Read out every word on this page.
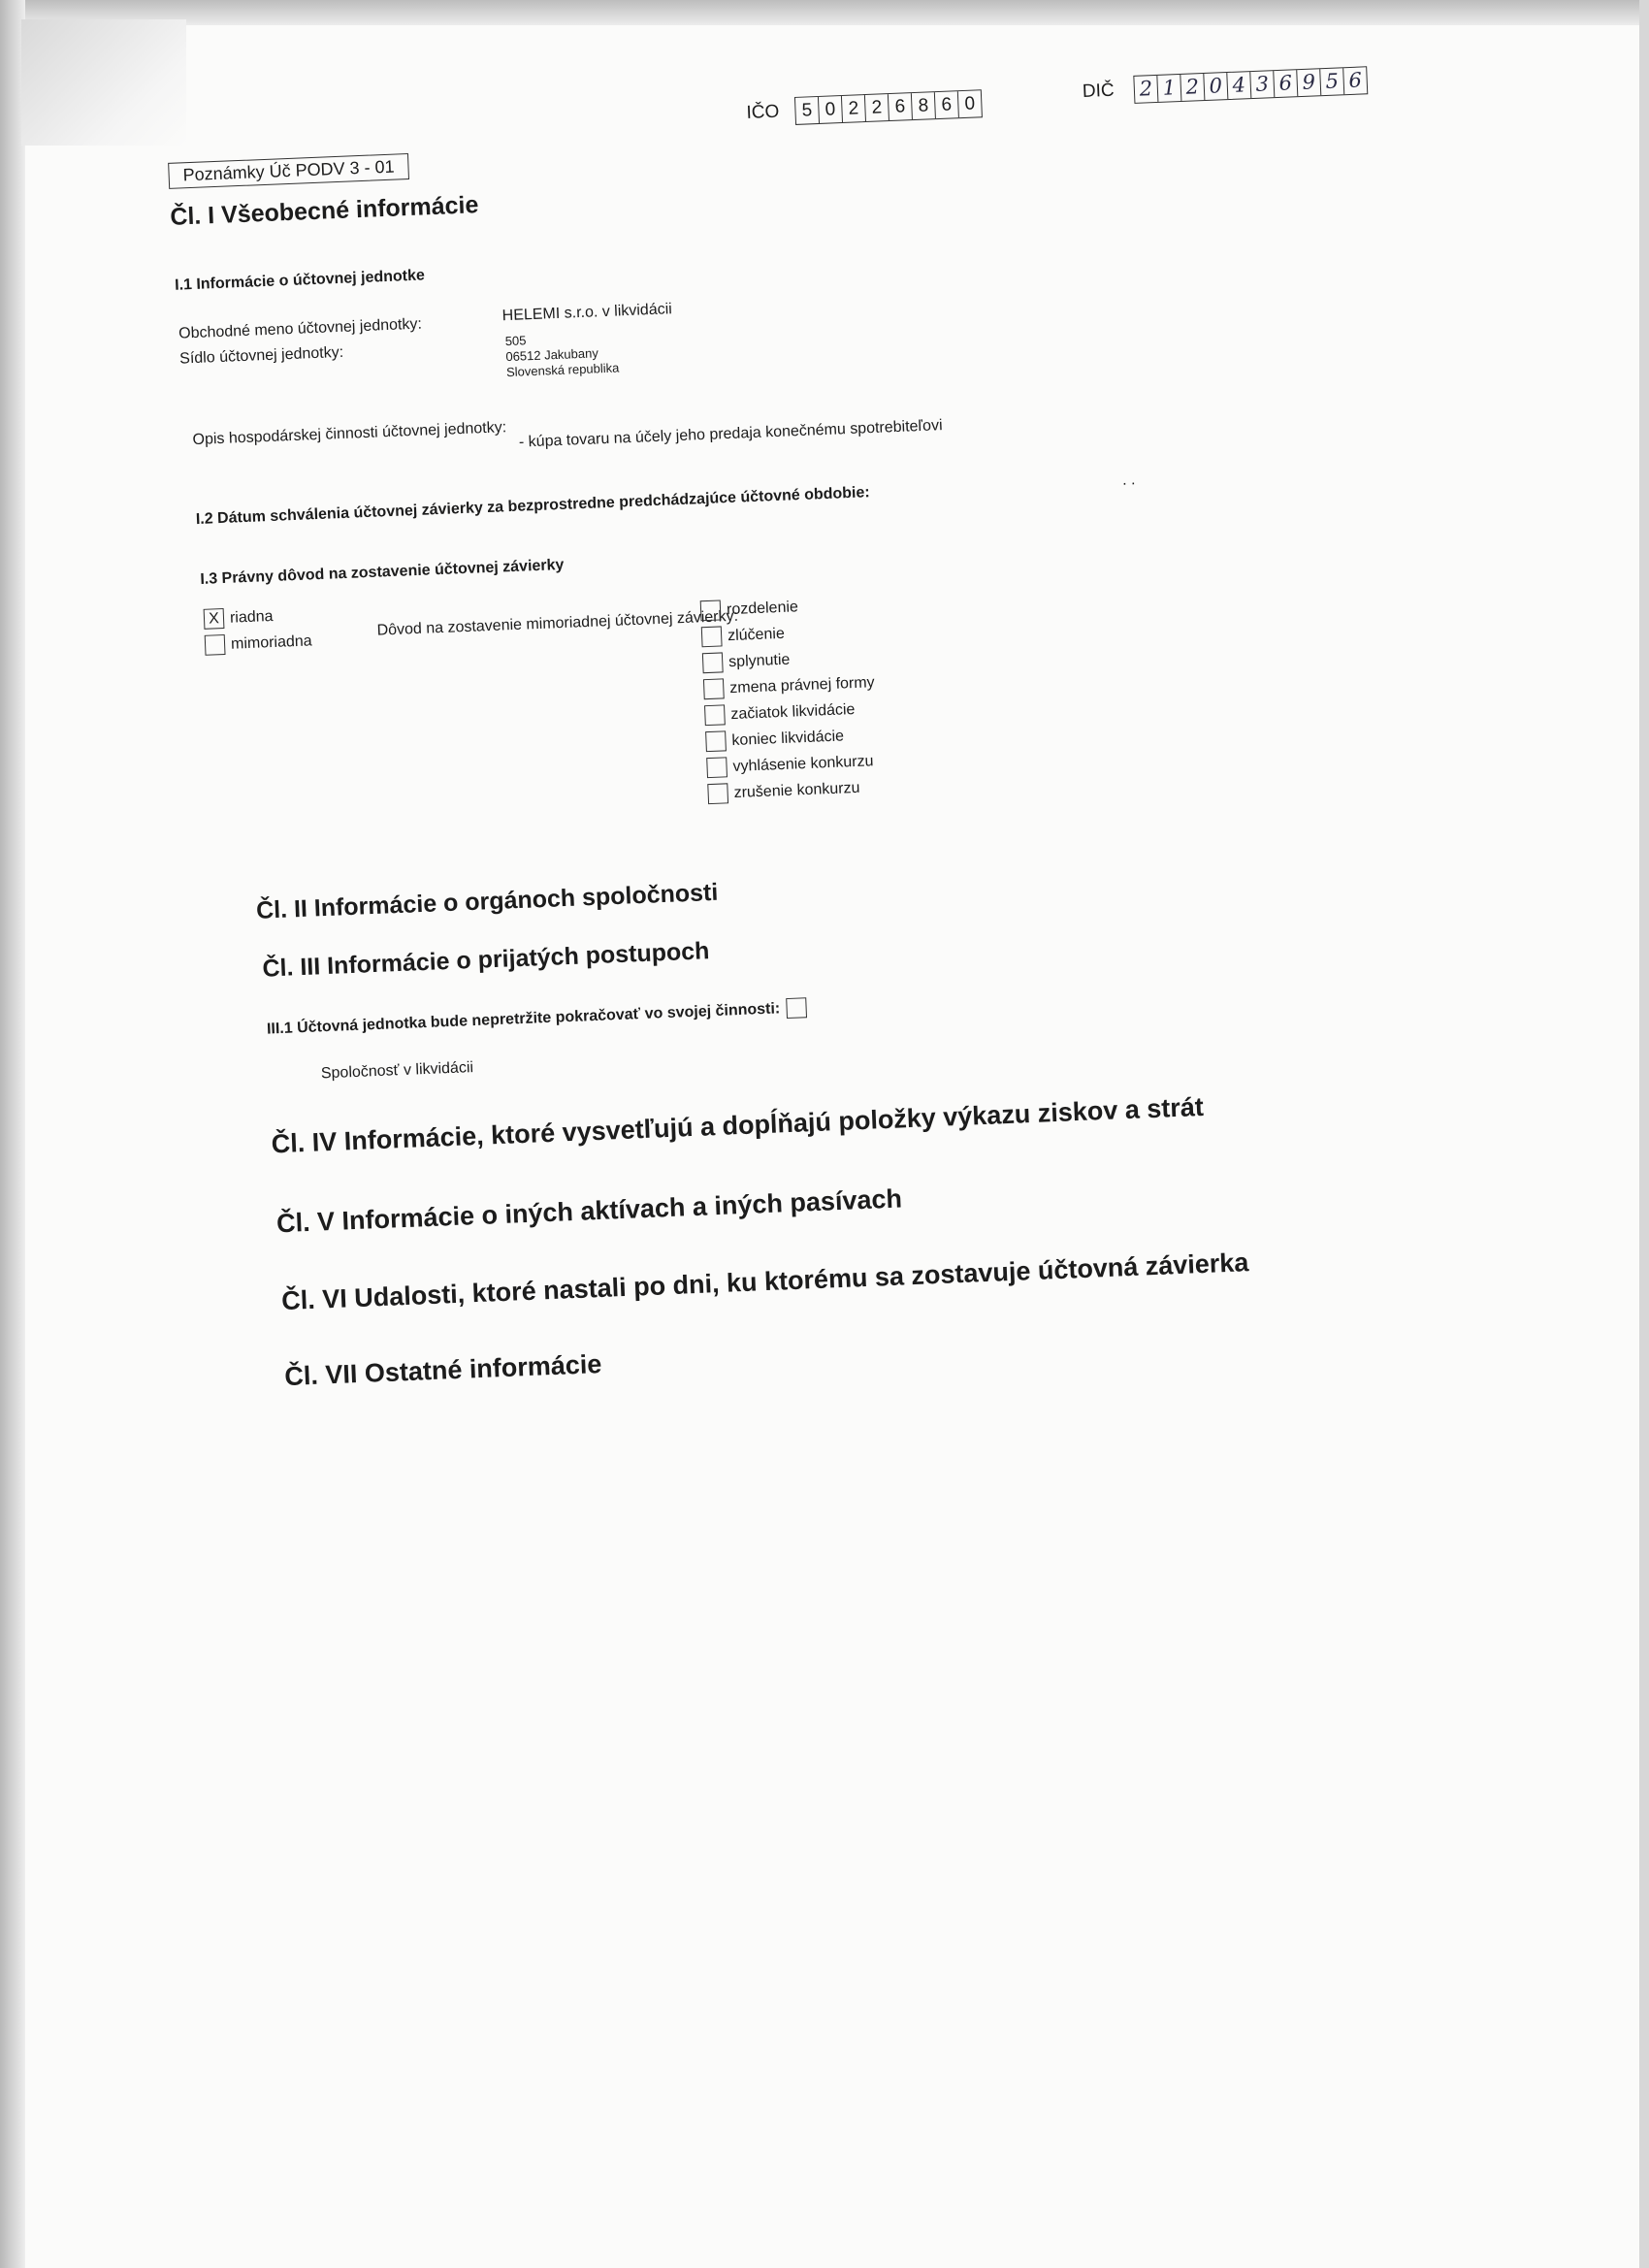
Poznámky Úč PODV 3 - 01
IČO	5 0 2 2 6 8 6 0
DIČ 2 1 2 0 4 3 6 9 5 6
Čl. I Všeobecné informácie
I.1 Informácie o účtovnej jednotke
Obchodné meno účtovnej jednotky:
HELEMI s.r.o. v likvidácii
Sídlo účtovnej jednotky:
505
06512 Jakubany
Slovenská republika
Opis hospodárskej činnosti účtovnej jednotky: - kúpa tovaru na účely jeho predaja konečnému spotrebiteľovi
I.2 Dátum schválenia účtovnej závierky za bezprostredne predchádzajúce účtovné obdobie:
. .
I.3 Právny dôvod na zostavenie účtovnej závierky
X riadna
mimoriadna
Dôvod na zostavenie mimoriadnej účtovnej závierky:
rozdelenie
zlúčenie
splynutie
zmena právnej formy
začiatok likvidácie
koniec likvidácie
vyhlásenie konkurzu
zrušenie konkurzu
Čl. II Informácie o orgánoch spoločnosti
Čl. III Informácie o prijatých postupoch
III.1 Účtovná jednotka bude nepretržite pokračovať vo svojej činnosti:
Spoločnosť v likvidácii
Čl. IV Informácie, ktoré vysvetľujú a dopĺňajú položky výkazu ziskov a strát
Čl. V Informácie o iných aktívach a iných pasívach
Čl. VI Udalosti, ktoré nastali po dni, ku ktorému sa zostavuje účtovná závierka
Čl. VII Ostatné informácie
